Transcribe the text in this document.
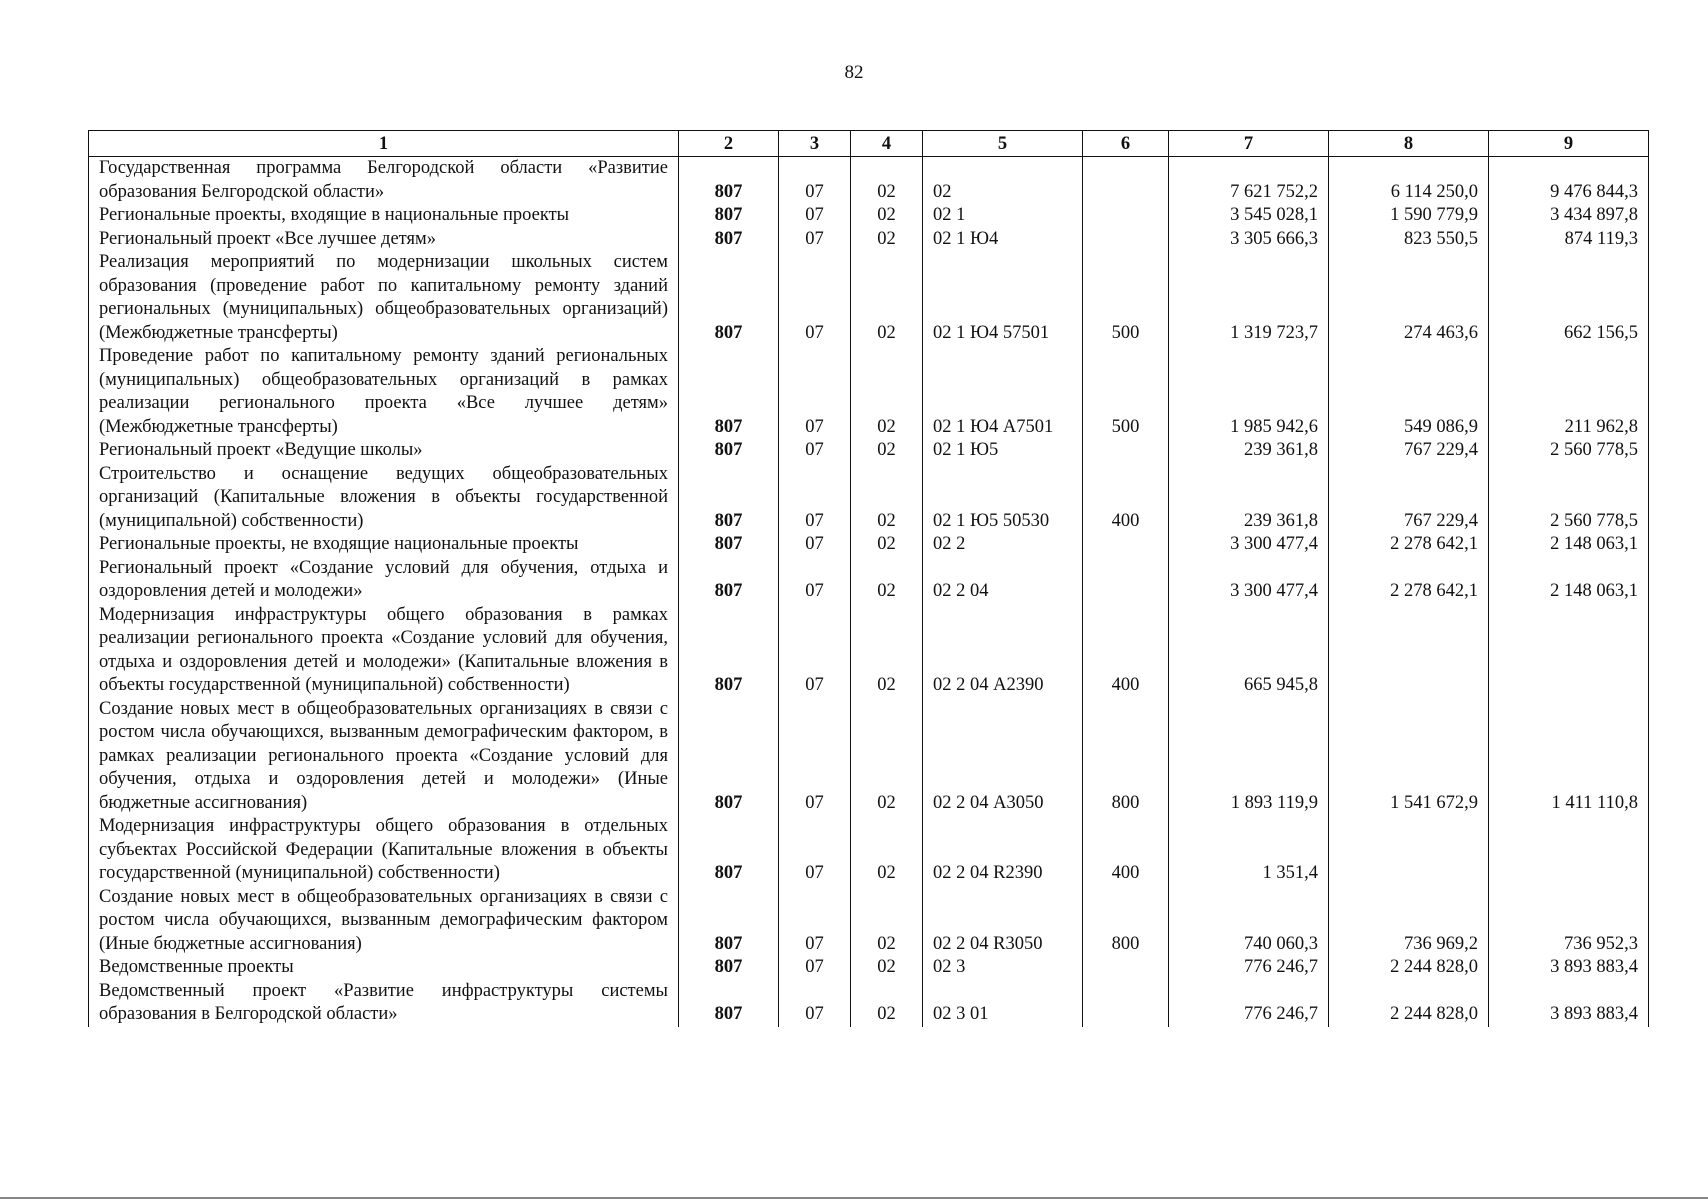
82
1	2	3	4	5	6	7	8	9
Государственная программа Белгородской области «Развитие образования Белгородской области»	807	07	02	02		7 621 752,2	6 114 250,0	9 476 844,3
Региональные проекты, входящие в национальные проекты	807	07	02	02 1		3 545 028,1	1 590 779,9	3 434 897,8
Региональный проект «Все лучшее детям»	807	07	02	02 1 Ю4		3 305 666,3	823 550,5	874 119,3
Реализация мероприятий по модернизации школьных систем образования (проведение работ по капитальному ремонту зданий региональных (муниципальных) общеобразовательных организаций) (Межбюджетные трансферты)	807	07	02	02 1 Ю4 57501	500	1 319 723,7	274 463,6	662 156,5
Проведение работ по капитальному ремонту зданий региональных (муниципальных) общеобразовательных организаций в рамках реализации регионального проекта «Все лучшее детям» (Межбюджетные трансферты)	807	07	02	02 1 Ю4 А7501	500	1 985 942,6	549 086,9	211 962,8
Региональный проект «Ведущие школы»	807	07	02	02 1 Ю5		239 361,8	767 229,4	2 560 778,5
Строительство и оснащение ведущих общеобразовательных организаций (Капитальные вложения в объекты государственной (муниципальной) собственности)	807	07	02	02 1 Ю5 50530	400	239 361,8	767 229,4	2 560 778,5
Региональные проекты, не входящие национальные проекты	807	07	02	02 2		3 300 477,4	2 278 642,1	2 148 063,1
Региональный проект «Создание условий для обучения, отдыха и оздоровления детей и молодежи»	807	07	02	02 2 04		3 300 477,4	2 278 642,1	2 148 063,1
Модернизация инфраструктуры общего образования в рамках реализации регионального проекта «Создание условий для обучения, отдыха и оздоровления детей и молодежи» (Капитальные вложения в объекты государственной (муниципальной) собственности)	807	07	02	02 2 04 А2390	400	665 945,8		
Создание новых мест в общеобразовательных организациях в связи с ростом числа обучающихся, вызванным демографическим фактором, в рамках реализации регионального проекта «Создание условий для обучения, отдыха и оздоровления детей и молодежи» (Иные бюджетные ассигнования)	807	07	02	02 2 04 А3050	800	1 893 119,9	1 541 672,9	1 411 110,8
Модернизация инфраструктуры общего образования в отдельных субъектах Российской Федерации (Капитальные вложения в объекты государственной (муниципальной) собственности)	807	07	02	02 2 04 R2390	400	1 351,4		
Создание новых мест в общеобразовательных организациях в связи с ростом числа обучающихся, вызванным демографическим фактором (Иные бюджетные ассигнования)	807	07	02	02 2 04 R3050	800	740 060,3	736 969,2	736 952,3
Ведомственные проекты	807	07	02	02 3		776 246,7	2 244 828,0	3 893 883,4
Ведомственный проект «Развитие инфраструктуры системы образования в Белгородской области»	807	07	02	02 3 01		776 246,7	2 244 828,0	3 893 883,4
